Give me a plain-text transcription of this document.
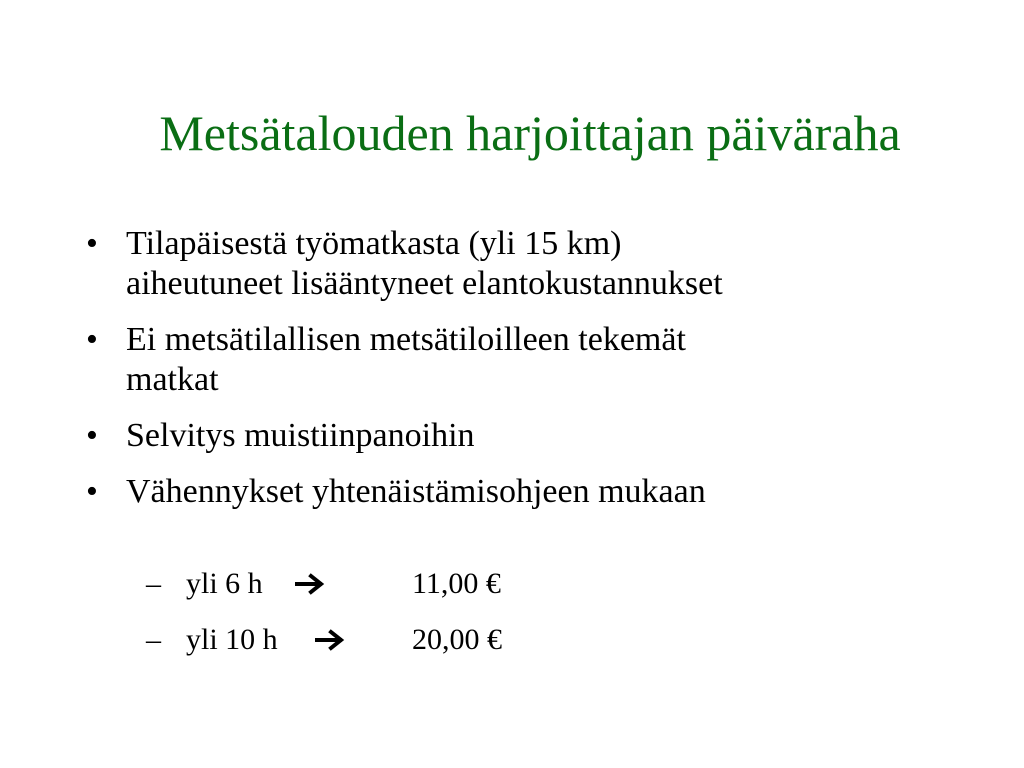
Metsätalouden harjoittajan päiväraha
• Tilapäisestä työmatkasta (yli 15 km)
aiheutuneet lisääntyneet elantokustannukset
• Ei metsätilallisen metsätiloilleen tekemät
matkat
• Selvitys muistiinpanoihin
• Vähennykset yhtenäistämisohjeen mukaan
– yli 6 h	11,00 €
– yli 10 h	20,00 €
